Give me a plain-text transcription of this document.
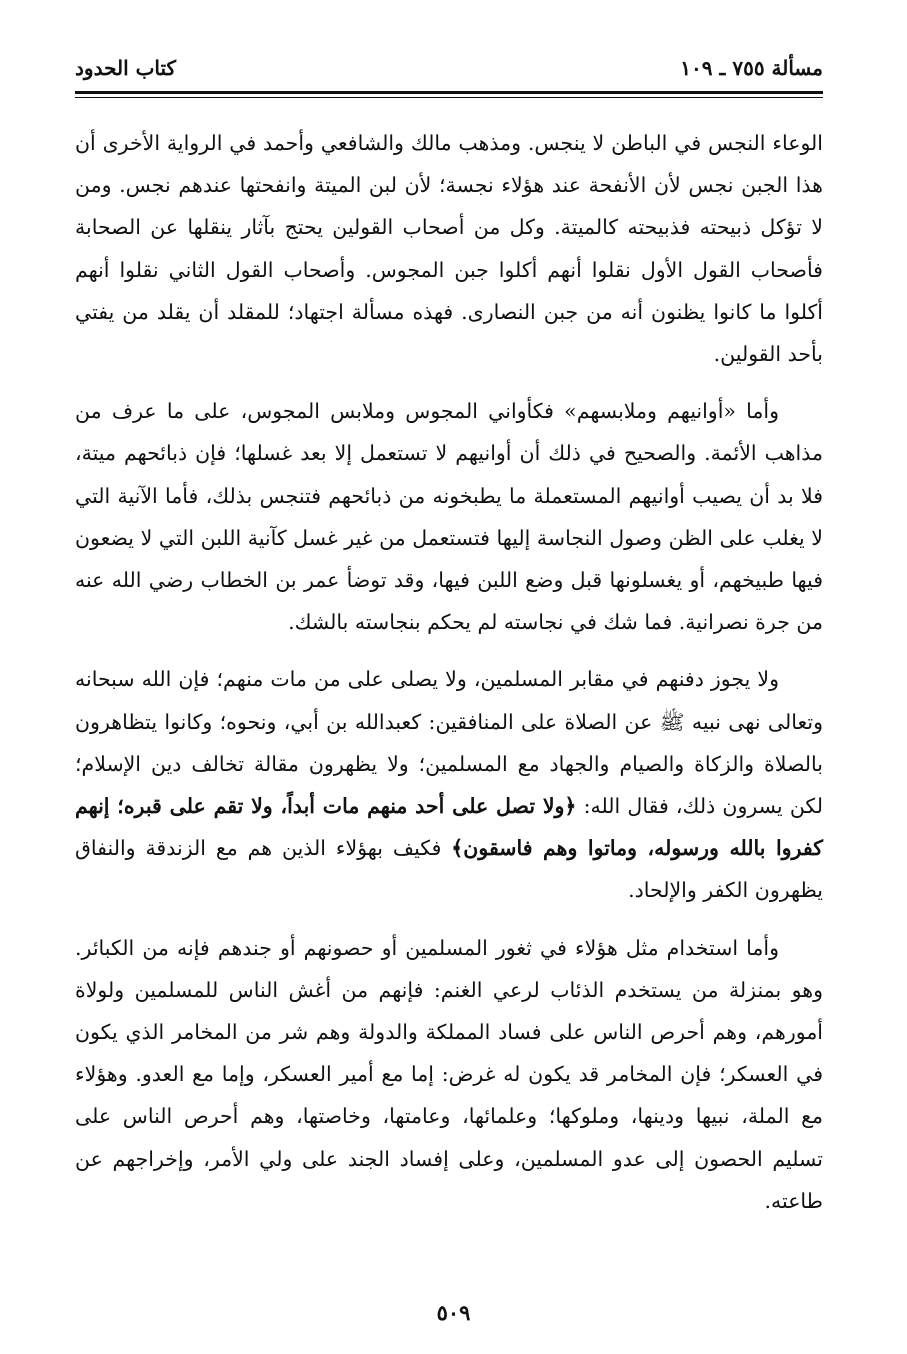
مسألة ٧٥٥ ـ ١٠٩
كتاب الحدود

الوعاء النجس في الباطن لا ينجس. ومذهب مالك والشافعي وأحمد في الرواية الأخرى أن هذا الجبن نجس لأن الأنفحة عند هؤلاء نجسة؛ لأن لبن الميتة وانفحتها عندهم نجس. ومن لا تؤكل ذبيحته فذبيحته كالميتة. وكل من أصحاب القولين يحتج بآثار ينقلها عن الصحابة فأصحاب القول الأول نقلوا أنهم أكلوا جبن المجوس. وأصحاب القول الثاني نقلوا أنهم أكلوا ما كانوا يظنون أنه من جبن النصارى. فهذه مسألة اجتهاد؛ للمقلد أن يقلد من يفتي بأحد القولين.

وأما «أوانيهم وملابسهم» فكأواني المجوس وملابس المجوس، على ما عرف من مذاهب الأئمة. والصحيح في ذلك أن أوانيهم لا تستعمل إلا بعد غسلها؛ فإن ذبائحهم ميتة، فلا بد أن يصيب أوانيهم المستعملة ما يطبخونه من ذبائحهم فتنجس بذلك، فأما الآنية التي لا يغلب على الظن وصول النجاسة إليها فتستعمل من غير غسل كآنية اللبن التي لا يضعون فيها طبيخهم، أو يغسلونها قبل وضع اللبن فيها، وقد توضأ عمر بن الخطاب رضي الله عنه من جرة نصرانية. فما شك في نجاسته لم يحكم بنجاسته بالشك.

ولا يجوز دفنهم في مقابر المسلمين، ولا يصلى على من مات منهم؛ فإن الله سبحانه وتعالى نهى نبيه ﷺ عن الصلاة على المنافقين: كعبدالله بن أبي، ونحوه؛ وكانوا يتظاهرون بالصلاة والزكاة والصيام والجهاد مع المسلمين؛ ولا يظهرون مقالة تخالف دين الإسلام؛ لكن يسرون ذلك، فقال الله: ﴿ولا تصل على أحد منهم مات أبداً، ولا تقم على قبره؛ إنهم كفروا بالله ورسوله، وماتوا وهم فاسقون﴾ فكيف بهؤلاء الذين هم مع الزندقة والنفاق يظهرون الكفر والإلحاد.

وأما استخدام مثل هؤلاء في ثغور المسلمين أو حصونهم أو جندهم فإنه من الكبائر. وهو بمنزلة من يستخدم الذئاب لرعي الغنم: فإنهم من أغش الناس للمسلمين ولولاة أمورهم، وهم أحرص الناس على فساد المملكة والدولة وهم شر من المخامر الذي يكون في العسكر؛ فإن المخامر قد يكون له غرض: إما مع أمير العسكر، وإما مع العدو. وهؤلاء مع الملة، نبيها ودينها، وملوكها؛ وعلمائها، وعامتها، وخاصتها، وهم أحرص الناس على تسليم الحصون إلى عدو المسلمين، وعلى إفساد الجند على ولي الأمر، وإخراجهم عن طاعته.

٥٠٩
